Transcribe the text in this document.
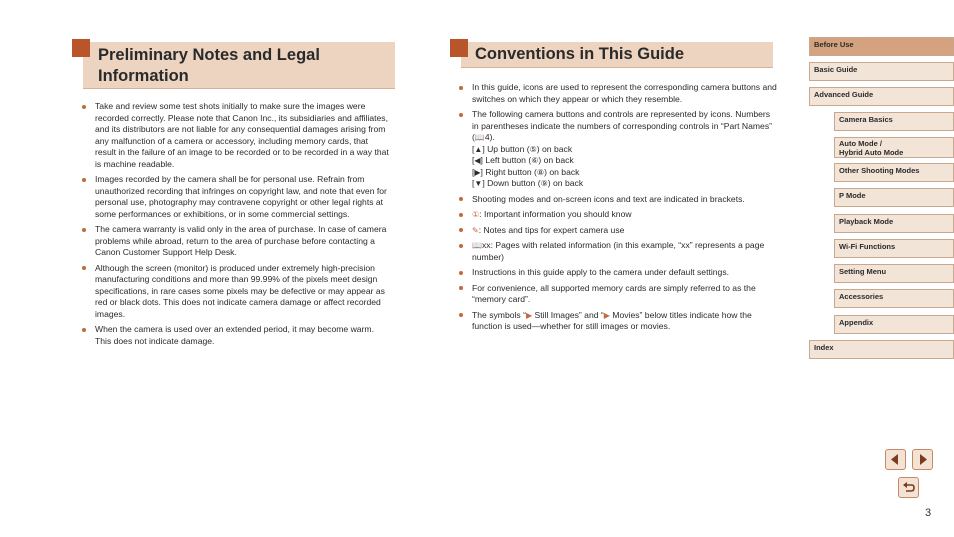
Preliminary Notes and Legal Information
Take and review some test shots initially to make sure the images were recorded correctly. Please note that Canon Inc., its subsidiaries and affiliates, and its distributors are not liable for any consequential damages arising from any malfunction of a camera or accessory, including memory cards, that result in the failure of an image to be recorded or to be recorded in a way that is machine readable.
Images recorded by the camera shall be for personal use. Refrain from unauthorized recording that infringes on copyright law, and note that even for personal use, photography may contravene copyright or other legal rights at some performances or exhibitions, or in some commercial settings.
The camera warranty is valid only in the area of purchase. In case of camera problems while abroad, return to the area of purchase before contacting a Canon Customer Support Help Desk.
Although the screen (monitor) is produced under extremely high-precision manufacturing conditions and more than 99.99% of the pixels meet design specifications, in rare cases some pixels may be defective or may appear as red or black dots. This does not indicate camera damage or affect recorded images.
When the camera is used over an extended period, it may become warm. This does not indicate damage.
Conventions in This Guide
In this guide, icons are used to represent the corresponding camera buttons and switches on which they appear or which they resemble.
The following camera buttons and controls are represented by icons. Numbers in parentheses indicate the numbers of corresponding controls in “Part Names” (📖4).
[▲] Up button (⑤) on back
[◀] Left button (⑥) on back
[▶] Right button (⑧) on back
[▼] Down button (⑨) on back
Shooting modes and on-screen icons and text are indicated in brackets.
①: Important information you should know
✎: Notes and tips for expert camera use
📖xx: Pages with related information (in this example, “xx” represents a page number)
Instructions in this guide apply to the camera under default settings.
For convenience, all supported memory cards are simply referred to as the “memory card”.
The symbols “▶ Still Images” and “▶ Movies” below titles indicate how the function is used—whether for still images or movies.
Before Use
Basic Guide
Advanced Guide
Camera Basics
Auto Mode /
Hybrid Auto Mode
Other Shooting Modes
P Mode
Playback Mode
Wi-Fi Functions
Setting Menu
Accessories
Appendix
Index
3
